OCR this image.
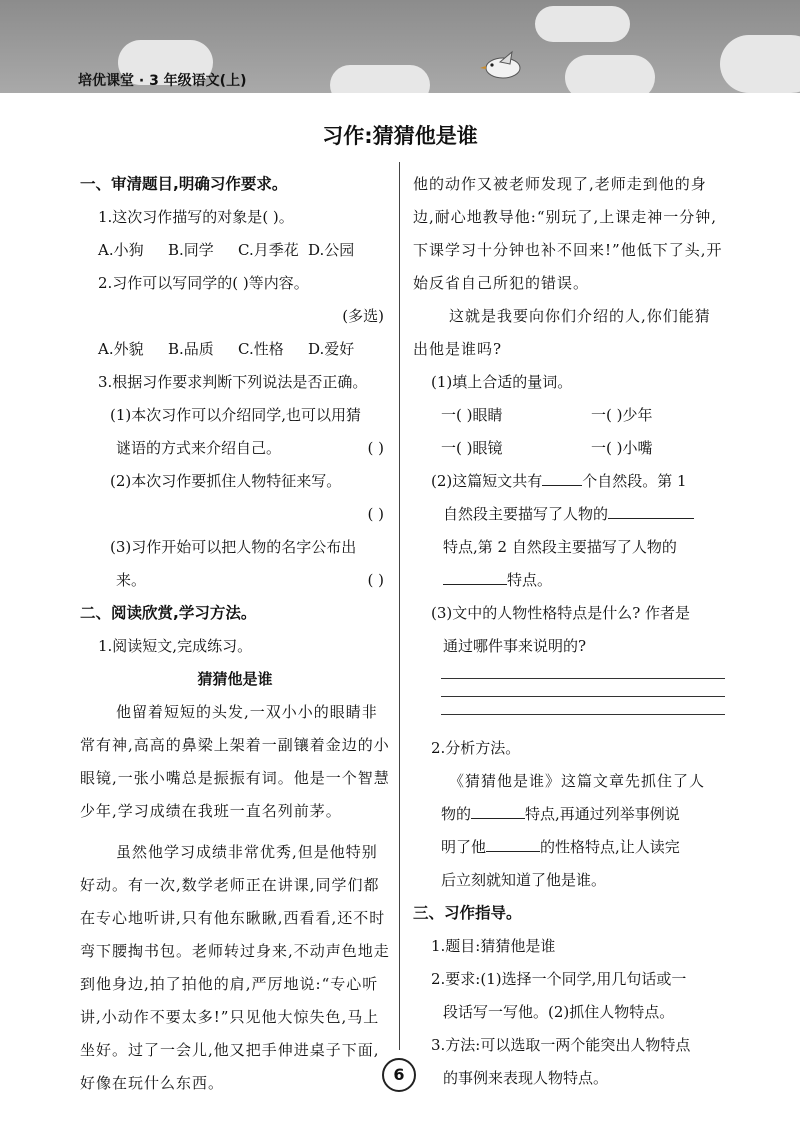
培优课堂 · 3 年级语文(上)
习作:猜猜他是谁
一、审清题目,明确习作要求。
1.这次习作描写的对象是( )。
A.小狗	B.同学	C.月季花 D.公园
2.习作可以写同学的( )等内容。
(多选)
A.外貌	B.品质	C.性格	D.爱好
3.根据习作要求判断下列说法是否正确。
(1)本次习作可以介绍同学,也可以用猜
谜语的方式来介绍自己。	( )
(2)本次习作要抓住人物特征来写。
( )
(3)习作开始可以把人物的名字公布出
来。	( )
二、阅读欣赏,学习方法。
1.阅读短文,完成练习。
猜猜他是谁
他留着短短的头发,一双小小的眼睛非常有神,高高的鼻梁上架着一副镶着金边的小眼镜,一张小嘴总是振振有词。他是一个智慧少年,学习成绩在我班一直名列前茅。
虽然他学习成绩非常优秀,但是他特别好动。有一次,数学老师正在讲课,同学们都在专心地听讲,只有他东瞅瞅,西看看,还不时弯下腰掏书包。老师转过身来,不动声色地走到他身边,拍了拍他的肩,严厉地说:“专心听讲,小动作不要太多!”只见他大惊失色,马上坐好。过了一会儿,他又把手伸进桌子下面,好像在玩什么东西。
他的动作又被老师发现了,老师走到他的身边,耐心地教导他:“别玩了,上课走神一分钟,下课学习十分钟也补不回来!”他低下了头,开始反省自己所犯的错误。
这就是我要向你们介绍的人,你们能猜出他是谁吗?
(1)填上合适的量词。
一( )眼睛	一( )少年
一( )眼镜	一( )小嘴
(2)这篇短文共有	个自然段。第 1
自然段主要描写了人物的
特点,第 2 自然段主要描写了人物的
特点。
(3)文中的人物性格特点是什么? 作者是
通过哪件事来说明的?
2.分析方法。
《猜猜他是谁》这篇文章先抓住了人
物的	特点,再通过列举事例说
明了他	的性格特点,让人读完
后立刻就知道了他是谁。
三、习作指导。
1.题目:猜猜他是谁
2.要求:(1)选择一个同学,用几句话或一
段话写一写他。(2)抓住人物特点。
3.方法:可以选取一两个能突出人物特点
的事例来表现人物特点。
6
